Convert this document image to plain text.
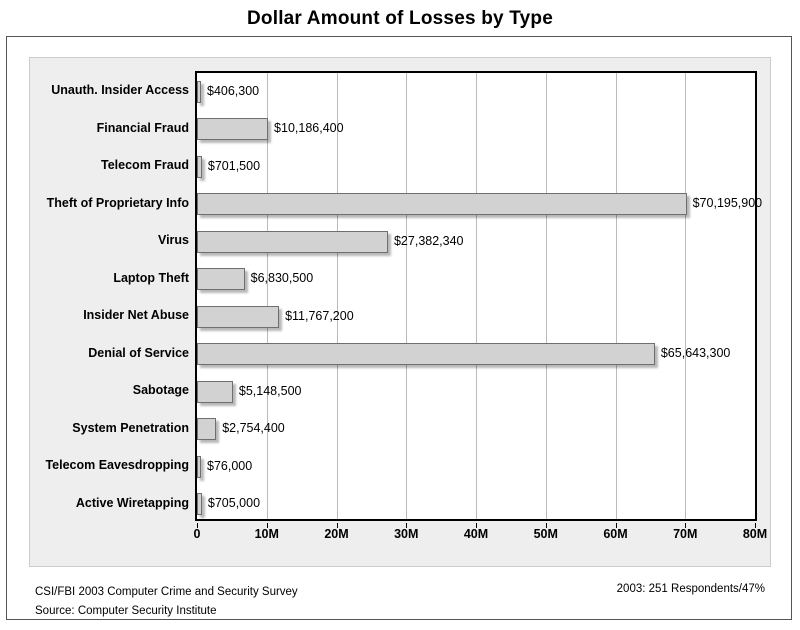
Dollar Amount of Losses by Type
$406,300
$10,186,400
$701,500
$70,195,900
$27,382,340
$6,830,500
$11,767,200
$65,643,300
$5,148,500
$2,754,400
$76,000
$705,000
Unauth. Insider Access
Financial Fraud
Telecom Fraud
Theft of Proprietary Info
Virus
Laptop Theft
Insider Net Abuse
Denial of Service
Sabotage
System Penetration
Telecom Eavesdropping
Active Wiretapping
0	10M	20M	30M	40M	50M	60M	70M	80M
CSI/FBI 2003 Computer Crime and Security Survey
Source: Computer Security Institute
2003: 251 Respondents/47%
